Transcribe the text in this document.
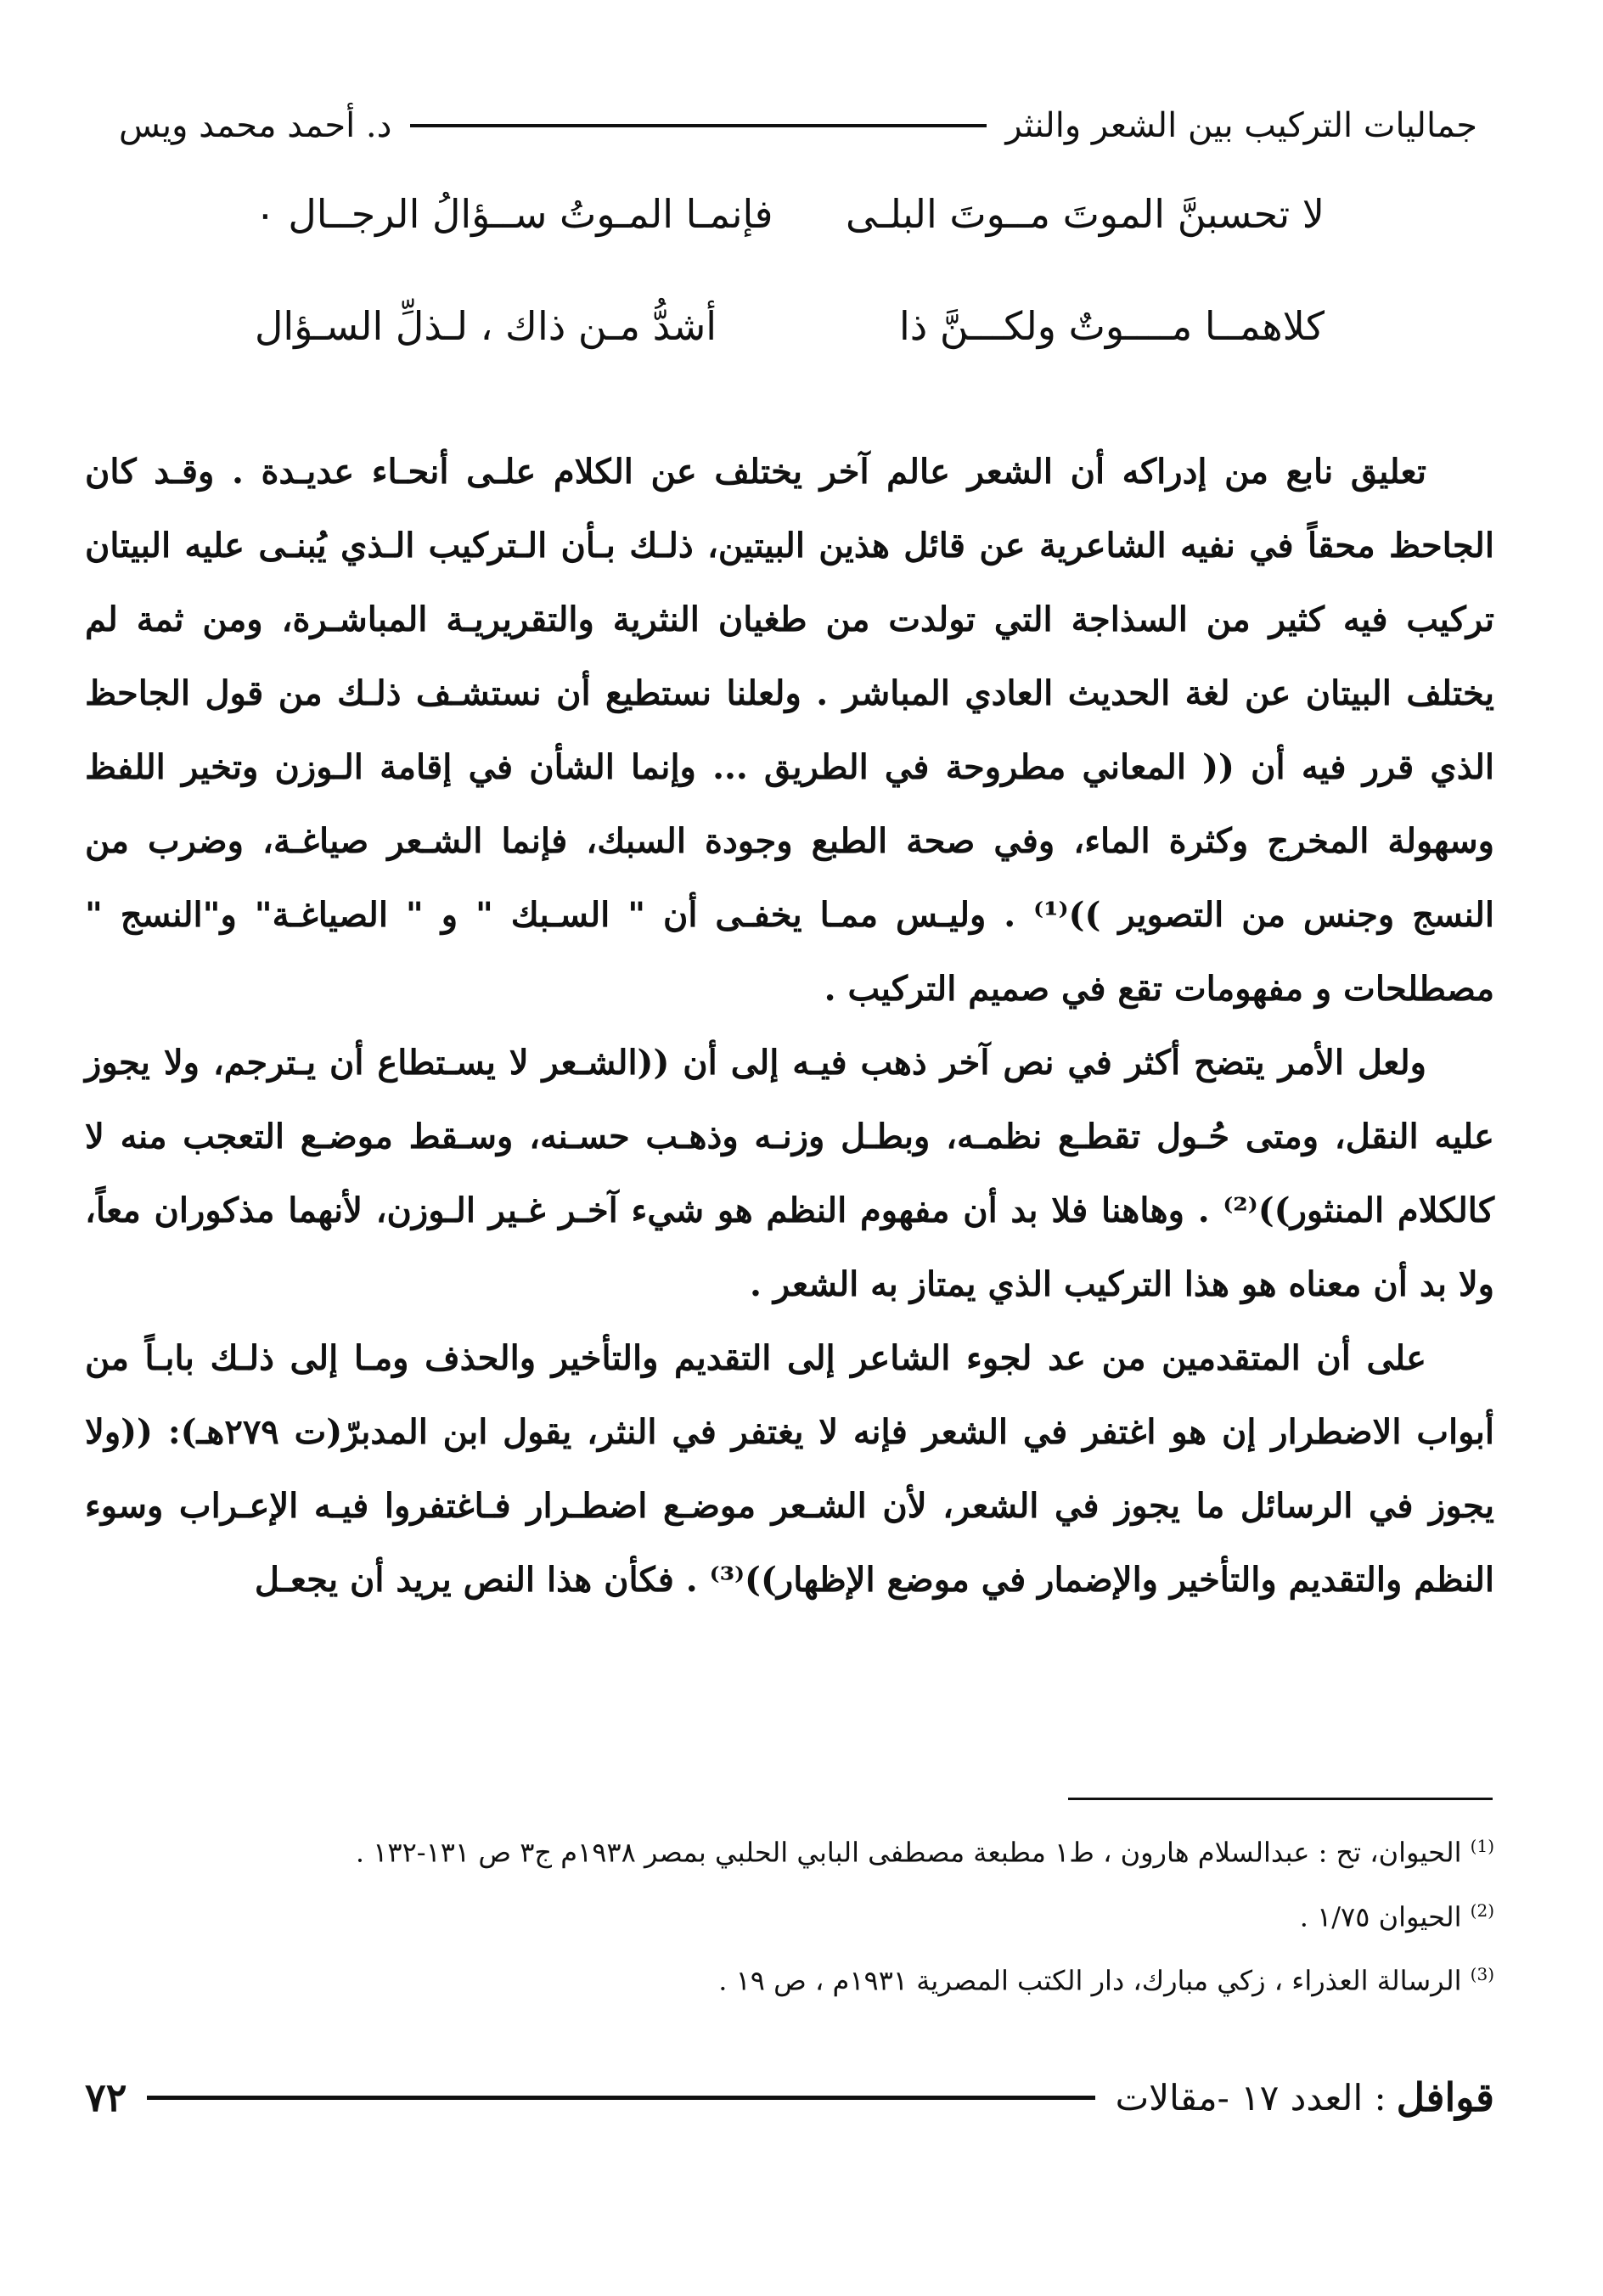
جماليات التركيب بين الشعر والنثر
د. أحمد محمد ويس
لا تحسبنَّ الموتَ مــوتَ البلـى
فإنمـا المـوتُ ســؤالُ الرجــال ٠
كلاهمــا مــــوتٌ ولكـــنَّ ذا
أشدُّ مـن ذاك ، لـذلِّ السـؤال

تعليق نابع من إدراكه أن الشعر عالم آخر يختلف عن الكلام علـى أنحـاء عديـدة . وقـد كان الجاحظ محقاً في نفيه الشاعرية عن قائل هذين البيتين، ذلـك بـأن الـتركيب الـذي يُبنـى عليه البيتان تركيب فيه كثير من السذاجة التي تولدت من طغيان النثرية والتقريريـة المباشـرة، ومن ثمة لم يختلف البيتان عن لغة الحديث العادي المباشر . ولعلنا نستطيع أن نستشـف ذلـك من قول الجاحظ الذي قرر فيه أن (( المعاني مطروحة في الطريق ... وإنما الشأن في إقامة الـوزن وتخير اللفظ وسهولة المخرج وكثرة الماء، وفي صحة الطبع وجودة السبك، فإنما الشـعر صياغـة، وضرب من النسج وجنس من التصوير ))⁽¹⁾ . وليـس ممـا يخفـى أن " السـبك " و " الصياغـة" و"النسج " مصطلحات و مفهومات تقع في صميم التركيب .

ولعل الأمر يتضح أكثر في نص آخر ذهب فيـه إلى أن ((الشـعر لا يسـتطاع أن يـترجم، ولا يجوز عليه النقل، ومتى حُـول تقطـع نظمـه، وبطـل وزنـه وذهـب حسـنه، وسـقط موضـع التعجب منه لا كالكلام المنثور))⁽²⁾ . وهاهنا فلا بد أن مفهوم النظم هو شيء آخـر غـير الـوزن، لأنهما مذكوران معاً، ولا بد أن معناه هو هذا التركيب الذي يمتاز به الشعر .

على أن المتقدمين من عد لجوء الشاعر إلى التقديم والتأخير والحذف ومـا إلى ذلـك بابـاً من أبواب الاضطرار إن هو اغتفر في الشعر فإنه لا يغتفر في النثر، يقول ابن المدبرّ(ت ٢٧٩هـ): ((ولا يجوز في الرسائل ما يجوز في الشعر، لأن الشـعر موضـع اضطـرار فـاغتفروا فيـه الإعـراب وسوء النظم والتقديم والتأخير والإضمار في موضع الإظهار))⁽³⁾ . فكأن هذا النص يريد أن يجعـل

$^{(1)}$ الحيوان، تح : عبدالسلام هارون ، ط١ مطبعة مصطفى البابي الحلبي بمصر ١٩٣٨م ج٣ ص ١٣١-١٣٢ .
$^{(2)}$ الحيوان ١/٧٥ .
$^{(3)}$ الرسالة العذراء ، زكي مبارك، دار الكتب المصرية ١٩٣١م ، ص ١٩ .
قوافل
: العدد ١٧ -مقالات
٧٢
